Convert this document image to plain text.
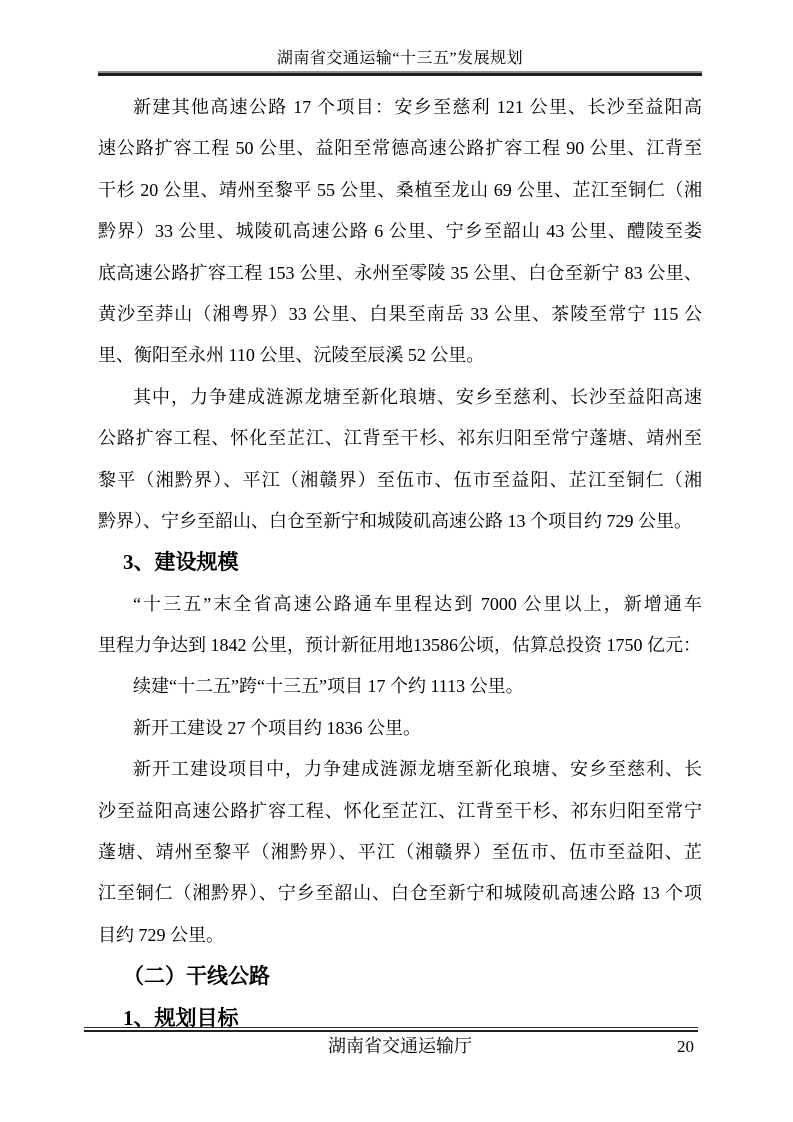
湖南省交通运输“十三五”发展规划
新建其他高速公路 17 个项目：安乡至慈利 121 公里、长沙至益阳高
速公路扩容工程 50 公里、益阳至常德高速公路扩容工程 90 公里、江背至
干杉 20 公里、靖州至黎平 55 公里、桑植至龙山 69 公里、芷江至铜仁（湘
黔界）33 公里、城陵矶高速公路 6 公里、宁乡至韶山 43 公里、醴陵至娄
底高速公路扩容工程 153 公里、永州至零陵 35 公里、白仓至新宁 83 公里、
黄沙至莽山（湘粤界）33 公里、白果至南岳 33 公里、茶陵至常宁 115 公
里、衡阳至永州 110 公里、沅陵至辰溪 52 公里。
其中，力争建成涟源龙塘至新化琅塘、安乡至慈利、长沙至益阳高速
公路扩容工程、怀化至芷江、江背至干杉、祁东归阳至常宁蓬塘、靖州至
黎平（湘黔界）、平江（湘赣界）至伍市、伍市至益阳、芷江至铜仁（湘
黔界）、宁乡至韶山、白仓至新宁和城陵矶高速公路 13 个项目约 729 公里。
3、建设规模
“十三五”末全省高速公路通车里程达到 7000 公里以上，新增通车
里程力争达到 1842 公里，预计新征用地13586公顷，估算总投资 1750 亿元：
续建“十二五”跨“十三五”项目 17 个约 1113 公里。
新开工建设 27 个项目约 1836 公里。
新开工建设项目中，力争建成涟源龙塘至新化琅塘、安乡至慈利、长
沙至益阳高速公路扩容工程、怀化至芷江、江背至干杉、祁东归阳至常宁
蓬塘、靖州至黎平（湘黔界）、平江（湘赣界）至伍市、伍市至益阳、芷
江至铜仁（湘黔界）、宁乡至韶山、白仓至新宁和城陵矶高速公路 13 个项
目约 729 公里。
（二）干线公路
1、规划目标
湖南省交通运输厅	20
